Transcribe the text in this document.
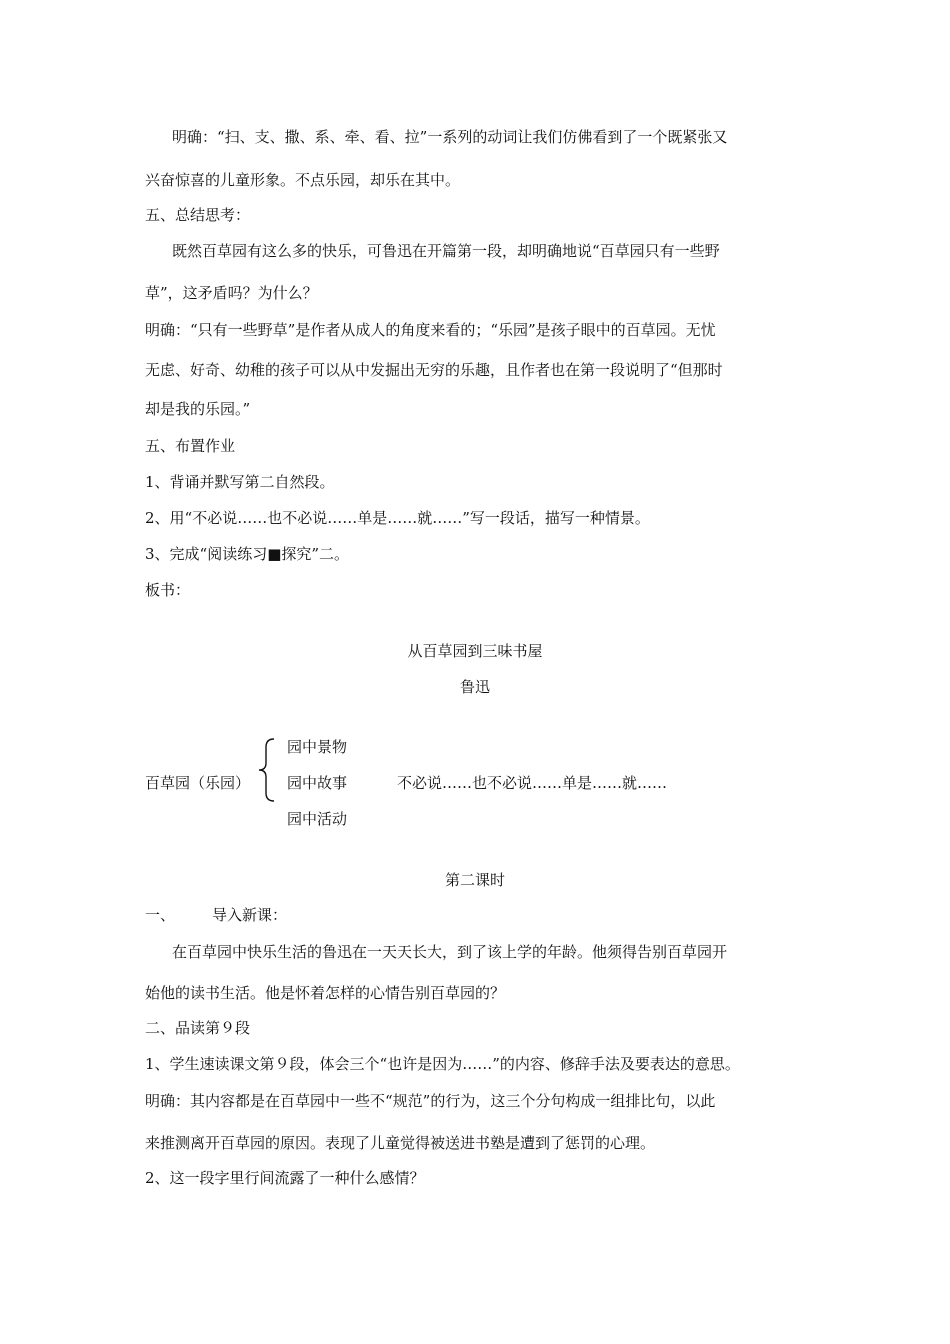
明确：“扫、支、撒、系、牵、看、拉”一系列的动词让我们仿佛看到了一个既紧张又
兴奋惊喜的儿童形象。不点乐园，却乐在其中。
五、总结思考：
既然百草园有这么多的快乐，可鲁迅在开篇第一段，却明确地说“百草园只有一些野
草”，这矛盾吗？为什么？
明确：“只有一些野草”是作者从成人的角度来看的；“乐园”是孩子眼中的百草园。无忧
无虑、好奇、幼稚的孩子可以从中发掘出无穷的乐趣，且作者也在第一段说明了“但那时
却是我的乐园。”
五、布置作业
1、背诵并默写第二自然段。
2、用“不必说……也不必说……单是……就……”写一段话，描写一种情景。
3、完成“阅读练习■探究”二。
板书：
从百草园到三味书屋
鲁迅
百草园（乐园）
园中景物
园中故事
园中活动
不必说……也不必说……单是……就……
第二课时
一、 导入新课：
在百草园中快乐生活的鲁迅在一天天长大，到了该上学的年龄。他须得告别百草园开
始他的读书生活。他是怀着怎样的心情告别百草园的？
二、品读第９段
1、学生速读课文第９段，体会三个“也许是因为……”的内容、修辞手法及要表达的意思。
明确：其内容都是在百草园中一些不“规范”的行为，这三个分句构成一组排比句，以此
来推测离开百草园的原因。表现了儿童觉得被送进书塾是遭到了惩罚的心理。
2、这一段字里行间流露了一种什么感情？
